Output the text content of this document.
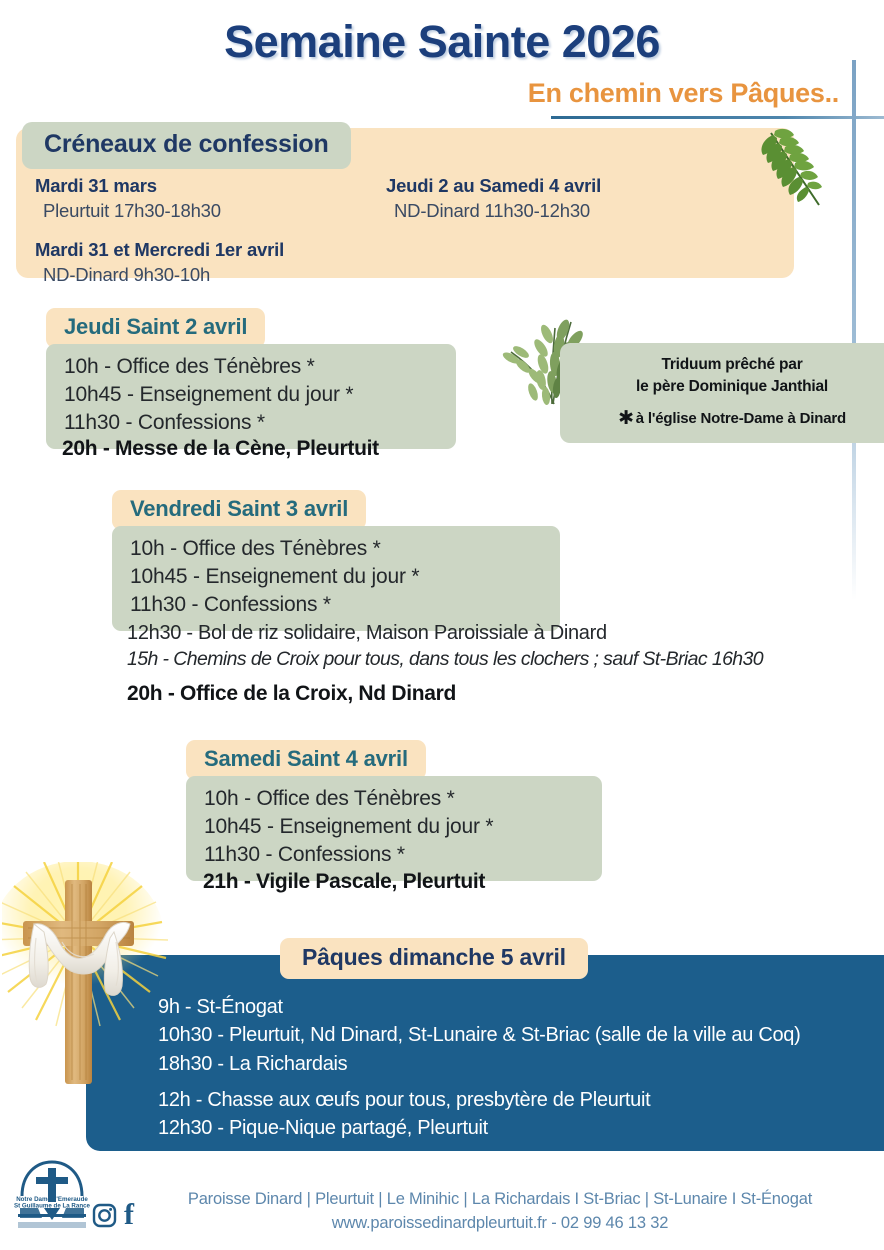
Semaine Sainte 2026
En chemin vers Pâques..
Créneaux de confession
Mardi 31 mars
Pleurtuit 17h30-18h30
Mardi 31 et Mercredi 1er avril
ND-Dinard 9h30-10h
Jeudi 2 au Samedi 4 avril
ND-Dinard 11h30-12h30
Jeudi Saint 2 avril
10h - Office des Ténèbres *
10h45 - Enseignement du jour *
11h30 - Confessions *
20h - Messe de la Cène, Pleurtuit
Triduum prêché par
le père Dominique Janthial
✱ à l'église Notre-Dame à Dinard
Vendredi Saint 3 avril
10h - Office des Ténèbres *
10h45 - Enseignement du jour *
11h30 - Confessions *
12h30 - Bol de riz solidaire, Maison Paroissiale à Dinard
15h - Chemins de Croix pour tous, dans tous les clochers ; sauf St-Briac 16h30
20h - Office de la Croix, Nd Dinard
Samedi Saint 4 avril
10h - Office des Ténèbres *
10h45 - Enseignement du jour *
11h30 - Confessions *
21h - Vigile Pascale, Pleurtuit
Pâques dimanche 5 avril
9h - St-Énogat
10h30 - Pleurtuit, Nd Dinard, St-Lunaire & St-Briac (salle de la ville au Coq)
18h30 - La Richardais
12h - Chasse aux œufs pour tous, presbytère de Pleurtuit
12h30 - Pique-Nique partagé, Pleurtuit
Notre Dame d'Emeraude
St Guillaume de La Rance f	Paroisse Dinard | Pleurtuit | Le Minihic | La Richardais I St-Briac | St-Lunaire I St-Énogat
www.paroissedinardpleurtuit.fr - 02 99 46 13 32
